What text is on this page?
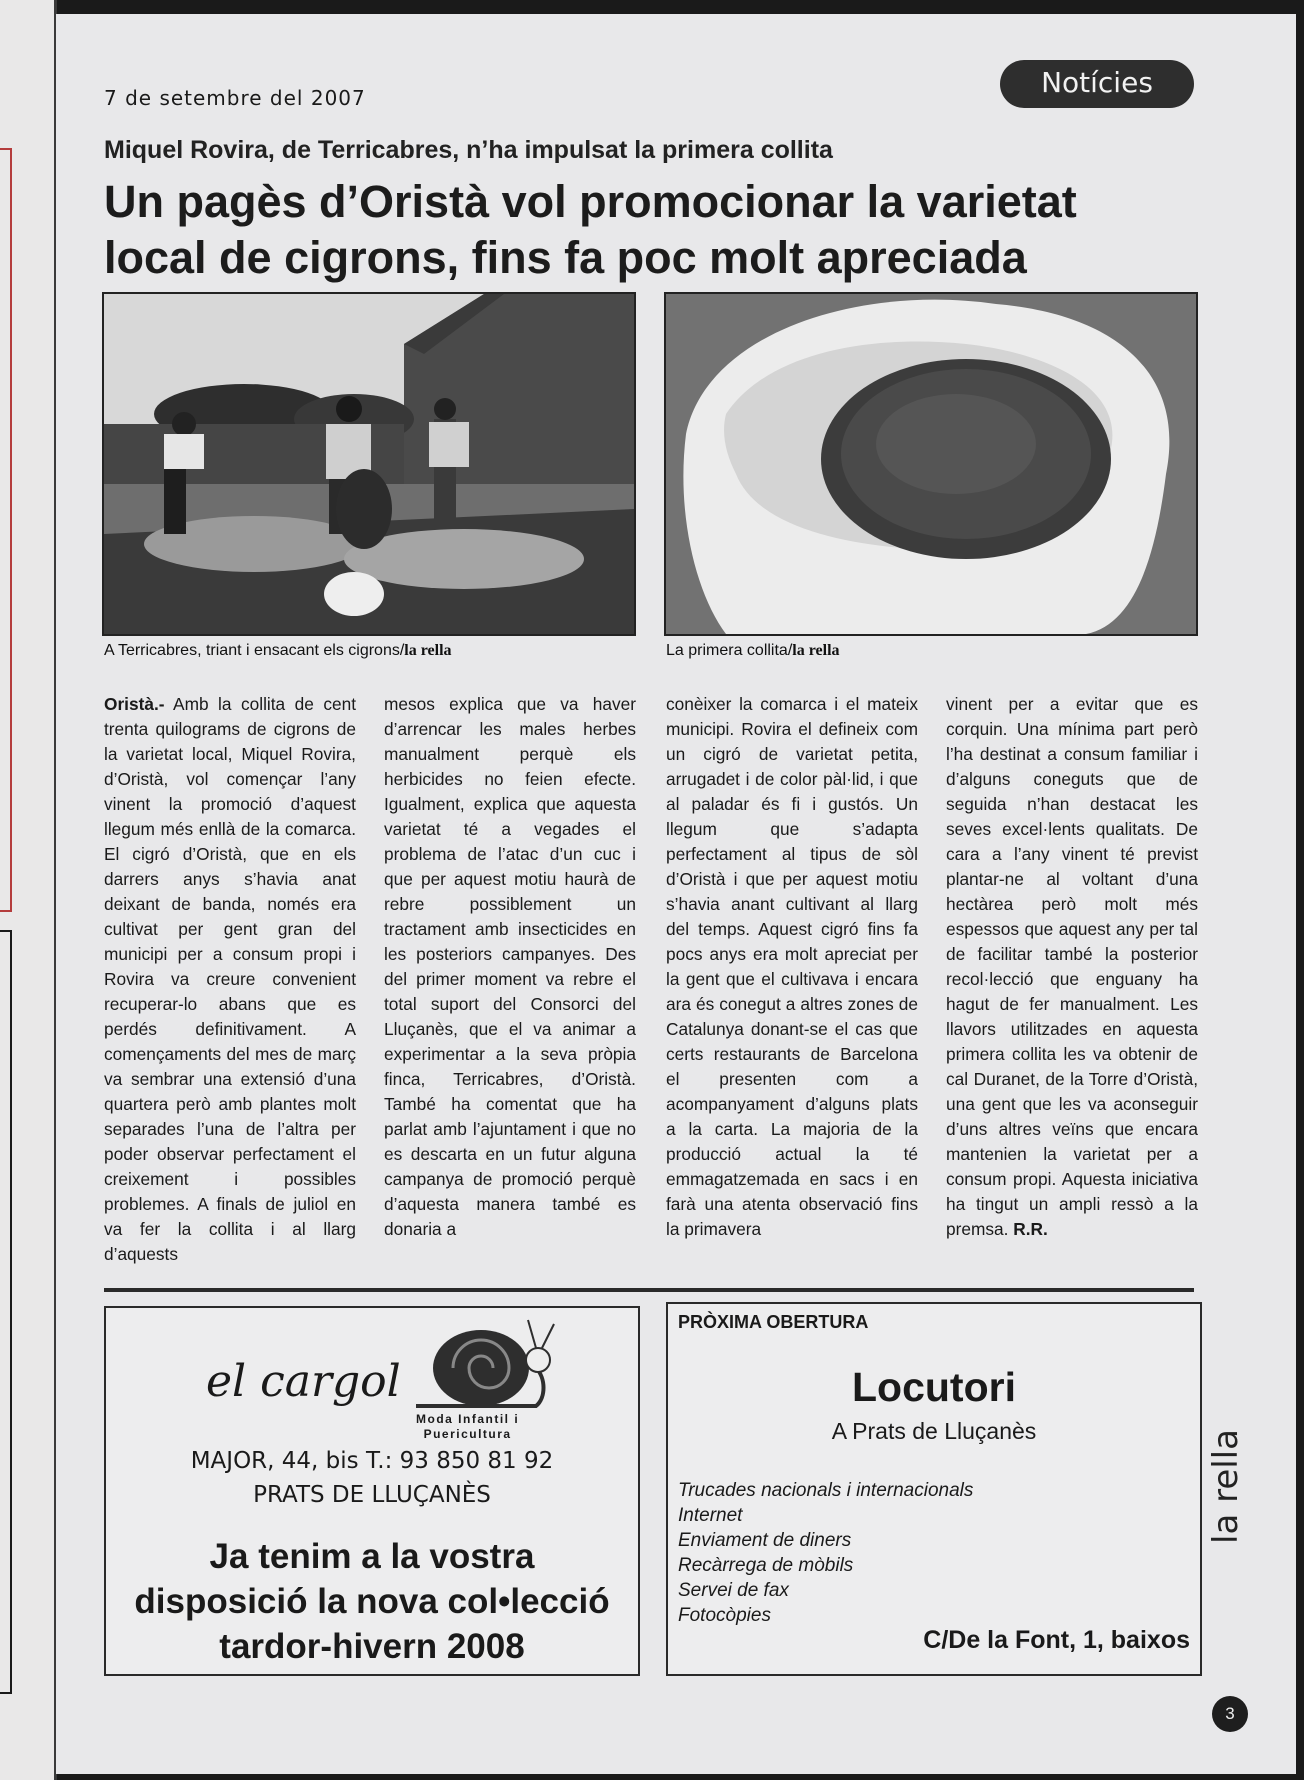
7 de setembre del 2007	Notícies
Miquel Rovira, de Terricabres, n’ha impulsat la primera collita
Un pagès d’Oristà vol promocionar la varietat
local de cigrons, fins fa poc molt apreciada
A Terricabres, triant i ensacant els cigrons/la rella	La primera collita/la rella
Oristà.- Amb la collita de cent trenta quilograms de cigrons de la varietat local, Miquel Rovira, d’Oristà, vol començar l’any vinent la promoció d’aquest llegum més enllà de la comarca. El cigró d’Oristà, que en els darrers anys s’havia anat deixant de banda, només era cultivat per gent gran del municipi per a consum propi i Rovira va creure convenient recuperar-lo abans que es perdés definitivament. A començaments del mes de març va sembrar una extensió d’una quartera però amb plantes molt separades l’una de l’altra per poder observar perfectament el creixement i possibles problemes. A finals de juliol en va fer la collita i al llarg d’aquests
mesos explica que va haver d’arrencar les males herbes manualment perquè els herbicides no feien efecte. Igualment, explica que aquesta varietat té a vegades el problema de l’atac d’un cuc i que per aquest motiu haurà de rebre possiblement un tractament amb insecticides en les posteriors campanyes. Des del primer moment va rebre el total suport del Consorci del Lluçanès, que el va animar a experimentar a la seva pròpia finca, Terricabres, d’Oristà. També ha comentat que ha parlat amb l’ajuntament i que no es descarta en un futur alguna campanya de promoció perquè d’aquesta manera també es donaria a
conèixer la comarca i el mateix municipi. Rovira el defineix com un cigró de varietat petita, arrugadet i de color pàl·lid, i que al paladar és fi i gustós. Un llegum que s’adapta perfectament al tipus de sòl d’Oristà i que per aquest motiu s’havia anant cultivant al llarg del temps. Aquest cigró fins fa pocs anys era molt apreciat per la gent que el cultivava i encara ara és conegut a altres zones de Catalunya donant-se el cas que certs restaurants de Barcelona el presenten com a acompanyament d’alguns plats a la carta. La majoria de la producció actual la té emmagatzemada en sacs i en farà una atenta observació fins la primavera
vinent per a evitar que es corquin. Una mínima part però l’ha destinat a consum familiar i d’alguns coneguts que de seguida n’han destacat les seves excel·lents qualitats. De cara a l’any vinent té previst plantar-ne al voltant d’una hectàrea però molt més espessos que aquest any per tal de facilitar també la posterior recol·lecció que enguany ha hagut de fer manualment. Les llavors utilitzades en aquesta primera collita les va obtenir de cal Duranet, de la Torre d’Oristà, una gent que les va aconseguir d’uns altres veïns que encara mantenien la varietat per a consum propi. Aquesta iniciativa ha tingut un ampli ressò a la premsa. R.R.
el cargol
Moda Infantil i
Puericultura
MAJOR, 44, bis T.: 93 850 81 92
PRATS DE LLUÇANÈS
Ja tenim a la vostra
disposició la nova col•lecció
tardor-hivern 2008
PRÒXIMA OBERTURA
Locutori
A Prats de Lluçanès
Trucades nacionals i internacionals
Internet
Enviament de diners
Recàrrega de mòbils
Servei de fax
Fotocòpies
C/De la Font, 1, baixos
la rella
3
